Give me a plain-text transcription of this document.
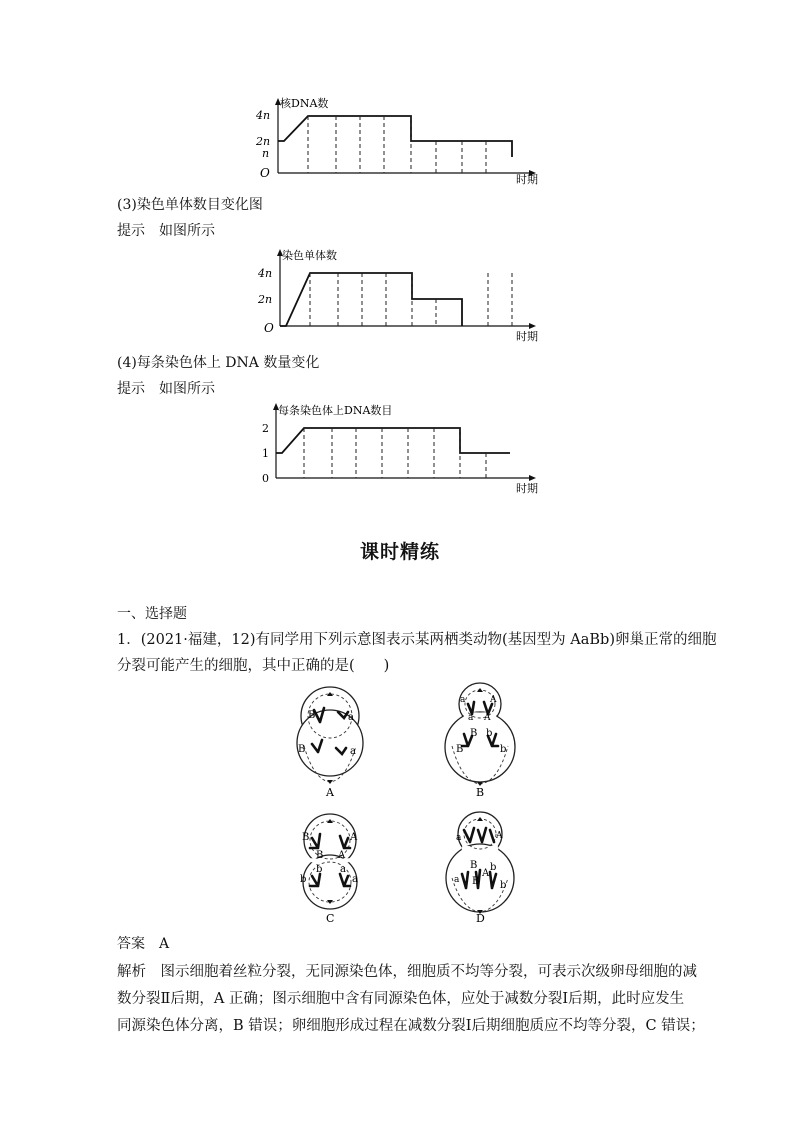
核DNA数
4n
2n
n
O	时期
(3)染色单体数目变化图
提示　如图所示
染色单体数
4n
2n
O
时期
(4)每条染色体上 DNA 数量变化
提示　如图所示
每条染色体上DNA数目
2
1
0
时期
课时精练
一、选择题
1．(2021·福建，12)有同学用下列示意图表示某两栖类动物(基因型为 AaBb)卵巢正常的细胞
分裂可能产生的细胞，其中正确的是(　　)
B	a
B	a
A
a	A
a A
B
B
b
b
B
B	A
B A
b a
b	a
C
a	A
a
B
A
B
b
b
D
答案　A
解析　图示细胞着丝粒分裂，无同源染色体，细胞质不均等分裂，可表示次级卵母细胞的减
数分裂Ⅱ后期，A 正确；图示细胞中含有同源染色体，应处于减数分裂Ⅰ后期，此时应发生
同源染色体分离，B 错误；卵细胞形成过程在减数分裂Ⅰ后期细胞质应不均等分裂，C 错误；
